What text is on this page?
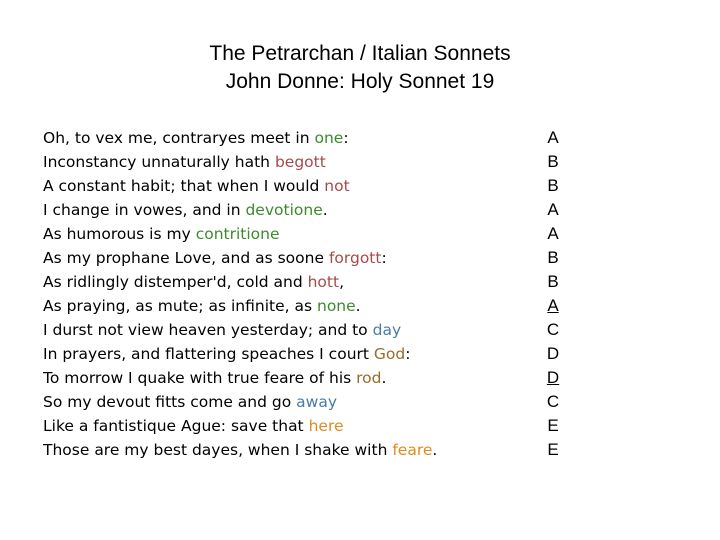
The Petrarchan / Italian Sonnets
John Donne: Holy Sonnet 19
Oh, to vex me, contraryes meet in one:
Inconstancy unnaturally hath begott
A constant habit; that when I would not
I change in vowes, and in devotione.
As humorous is my contritione
As my prophane Love, and as soone forgott:
As ridlingly distemper'd, cold and hott,
As praying, as mute; as infinite, as none.
I durst not view heaven yesterday; and to day
In prayers, and flattering speaches I court God:
To morrow I quake with true feare of his rod.
So my devout fitts come and go away
Like a fantistique Ague: save that here
Those are my best dayes, when I shake with feare.
A
B
B
A
A
B
B
A
C
D
D
C
E
E
